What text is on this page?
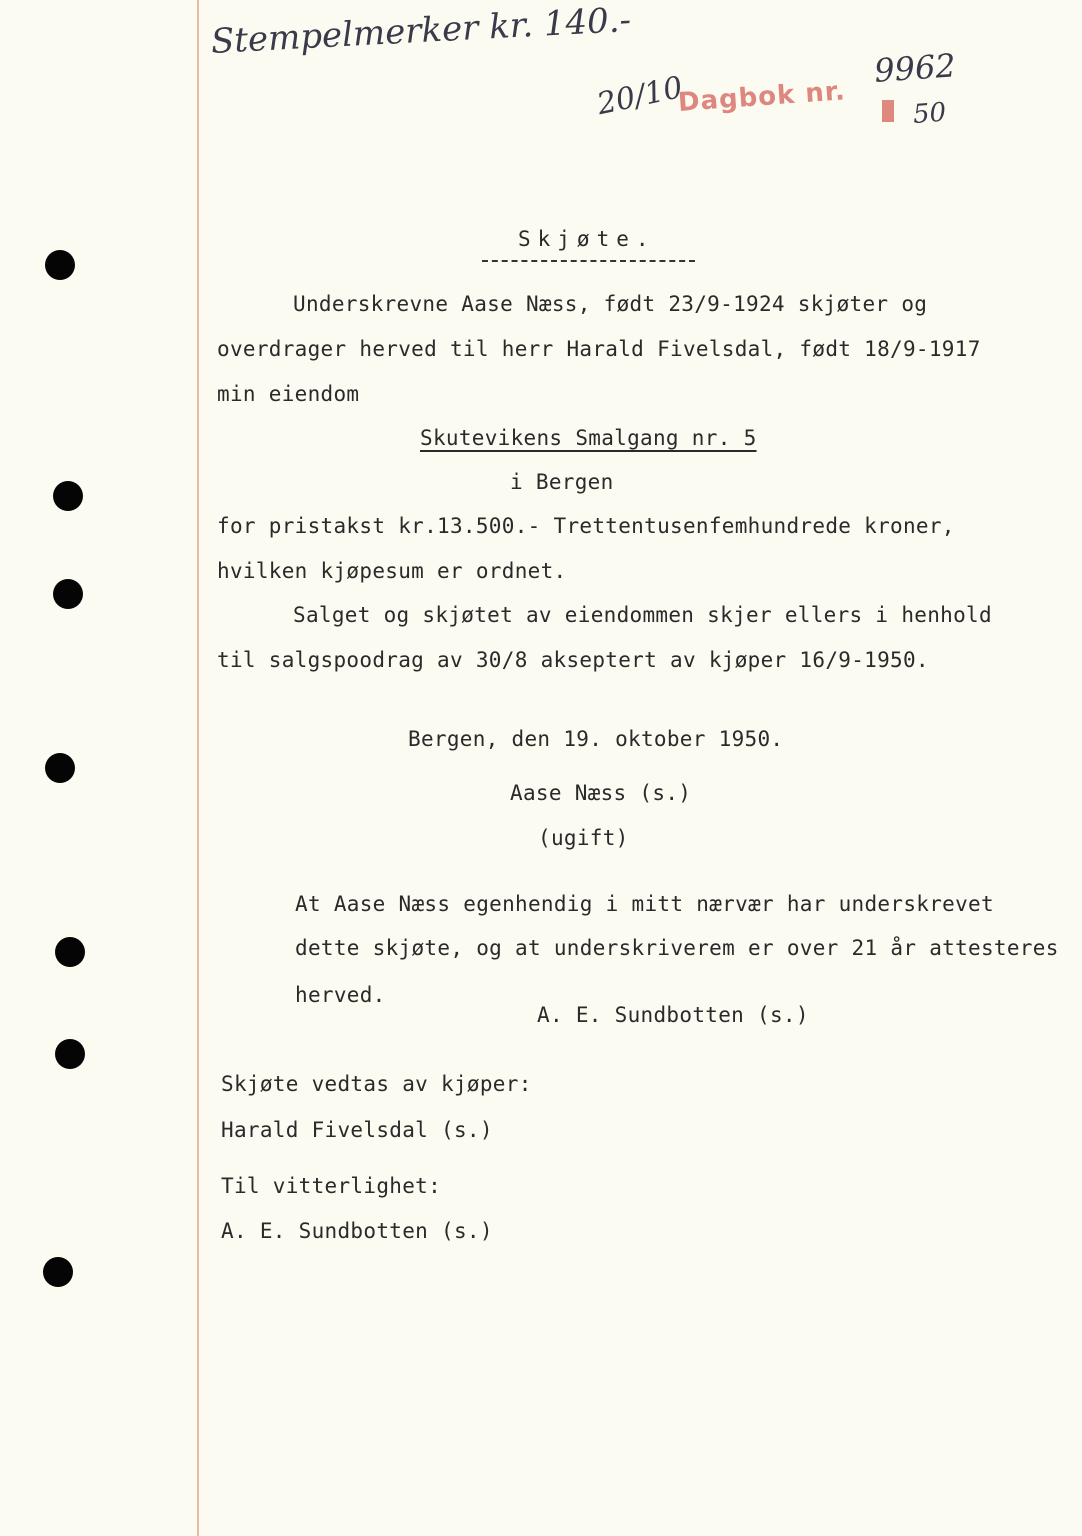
Stempelmerker kr. 140.-
20/10
Dagbok nr.
9962
50
Skjøte.
Underskrevne Aase Næss, født 23/9-1924 skjøter og
overdrager herved til herr Harald Fivelsdal, født 18/9-1917
min eiendom
Skutevikens Smalgang nr. 5
i Bergen
for pristakst kr.13.500.- Trettentusenfemhundrede kroner,
hvilken kjøpesum er ordnet.
Salget og skjøtet av eiendommen skjer ellers i henhold
til salgspoodrag av 30/8 akseptert av kjøper 16/9-1950.
Bergen, den 19. oktober 1950.
Aase Næss (s.)
(ugift)
At Aase Næss egenhendig i mitt nærvær har underskrevet
dette skjøte, og at underskriverem er over 21 år attesteres
herved.
A. E. Sundbotten (s.)
Skjøte vedtas av kjøper:
Harald Fivelsdal (s.)
Til vitterlighet:
A. E. Sundbotten (s.)
